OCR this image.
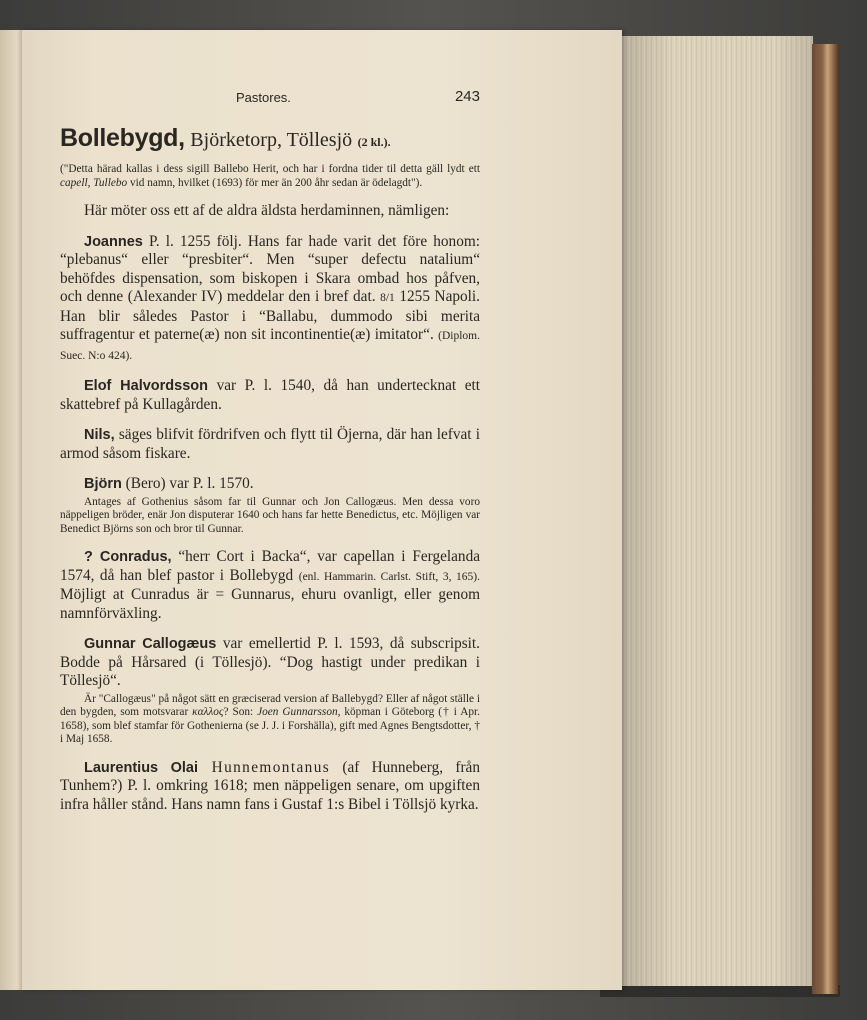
Pastores.	243
Bollebygd, Björketorp, Töllesjö (2 kl.).

("Detta härad kallas i dess sigill Ballebo Herit, och har i fordna tider til detta gäll lydt ett capell, Tullebo vid namn, hvilket (1693) för mer än 200 åhr sedan är ödelagdt").

Här möter oss ett af de aldra äldsta herdaminnen, nämligen:

Joannes P. l. 1255 följ. Hans far hade varit det före honom: “plebanus“ eller “presbiter“. Men “super defectu natalium“ behöfdes dispensation, som biskopen i Skara ombad hos påfven, och denne (Alexander IV) meddelar den i bref dat. 8/1 1255 Napoli. Han blir således Pastor i “Ballabu, dummodo sibi merita suffragentur et paterne(æ) non sit incontinentie(æ) imitator“. (Diplom. Suec. N:o 424).

Elof Halvordsson var P. l. 1540, då han undertecknat ett skattebref på Kullagården.

Nils, säges blifvit fördrifven och flytt til Öjerna, där han lefvat i armod såsom fiskare.

Björn (Bero) var P. l. 1570.

Antages af Gothenius såsom far til Gunnar och Jon Callogæus. Men dessa voro näppeligen bröder, enär Jon disputerar 1640 och hans far hette Benedictus, etc. Möjligen var Benedict Björns son och bror til Gunnar.

? Conradus, “herr Cort i Backa“, var capellan i Fergelanda 1574, då han blef pastor i Bollebygd (enl. Hammarin. Carlst. Stift, 3, 165). Möjligt at Cunradus är = Gunnarus, ehuru ovanligt, eller genom namnförväxling.

Gunnar Callogæus var emellertid P. l. 1593, då subscripsit. Bodde på Hårsared (i Töllesjö). “Dog hastigt under predikan i Töllesjö“.

Är "Callogæus" på något sätt en græciserad version af Ballebygd? Eller af något ställe i den bygden, som motsvarar καλλος? Son: Joen Gunnarsson, köpman i Göteborg († i Apr. 1658), som blef stamfar för Gothenierna (se J. J. i Forshälla), gift med Agnes Bengtsdotter, † i Maj 1658.

Laurentius Olai Hunnemontanus (af Hunneberg, från Tunhem?) P. l. omkring 1618; men näppeligen senare, om upgiften infra håller stånd. Hans namn fans i Gustaf 1:s Bibel i Töllsjö kyrka.
